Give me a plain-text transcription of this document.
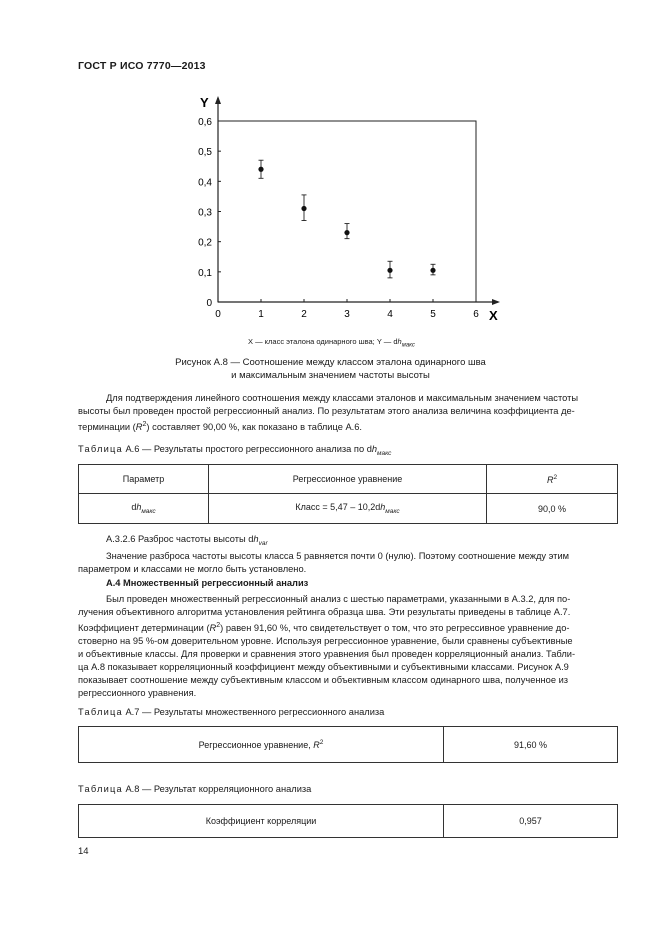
ГОСТ Р ИСО 7770—2013
Y
X
0	1	2	3	4	5	6
0
0,1
0,2
0,3
0,4
0,5
0,6
X — класс эталона одинарного шва; Y — $dh_{макс}$
Рисунок А.8 — Соотношение между классом эталона одинарного шва
и максимальным значением частоты высоты
Для подтверждения линейного соотношения между классами эталонов и максимальным значением частоты
высоты был проведен простой регрессионный анализ. По результатам этого анализа величина коэффициента де-
терминации $(R^2)$ составляет 90,00 %, как показано в таблице А.6.
Таблица А.6 — Результаты простого регрессионного анализа по $dh_{макс}$
Параметр	Регрессионное уравнение	$R^2$
$dh_{макс}$	Класс = $5,47 - 10,2dh_{макс}$	90,0 %
А.3.2.6 Разброс частоты высоты $dh_{var}$
Значение разброса частоты высоты класса 5 равняется почти 0 (нулю). Поэтому соотношение между этим
параметром и классами не могло быть установлено.
А.4 Множественный регрессионный анализ
Был проведен множественный регрессионный анализ с шестью параметрами, указанными в А.3.2, для по-
лучения объективного алгоритма установления рейтинга образца шва. Эти результаты приведены в таблице А.7.
Коэффициент детерминации $(R^2)$ равен 91,60 %, что свидетельствует о том, что это регрессивное уравнение до-
стоверно на 95 %-ом доверительном уровне. Используя регрессионное уравнение, были сравнены субъективные
и объективные классы. Для проверки и сравнения этого уравнения был проведен корреляционный анализ. Табли-
ца А.8 показывает корреляционный коэффициент между объективными и субъективными классами. Рисунок А.9
показывает соотношение между субъективным классом и объективным классом одинарного шва, полученное из
регрессионного уравнения.
Таблица А.7 — Результаты множественного регрессионного анализа
Регрессионное уравнение, $R^2$	91,60 %
Таблица А.8 — Результат корреляционного анализа
Коэффициент корреляции	0,957
14
